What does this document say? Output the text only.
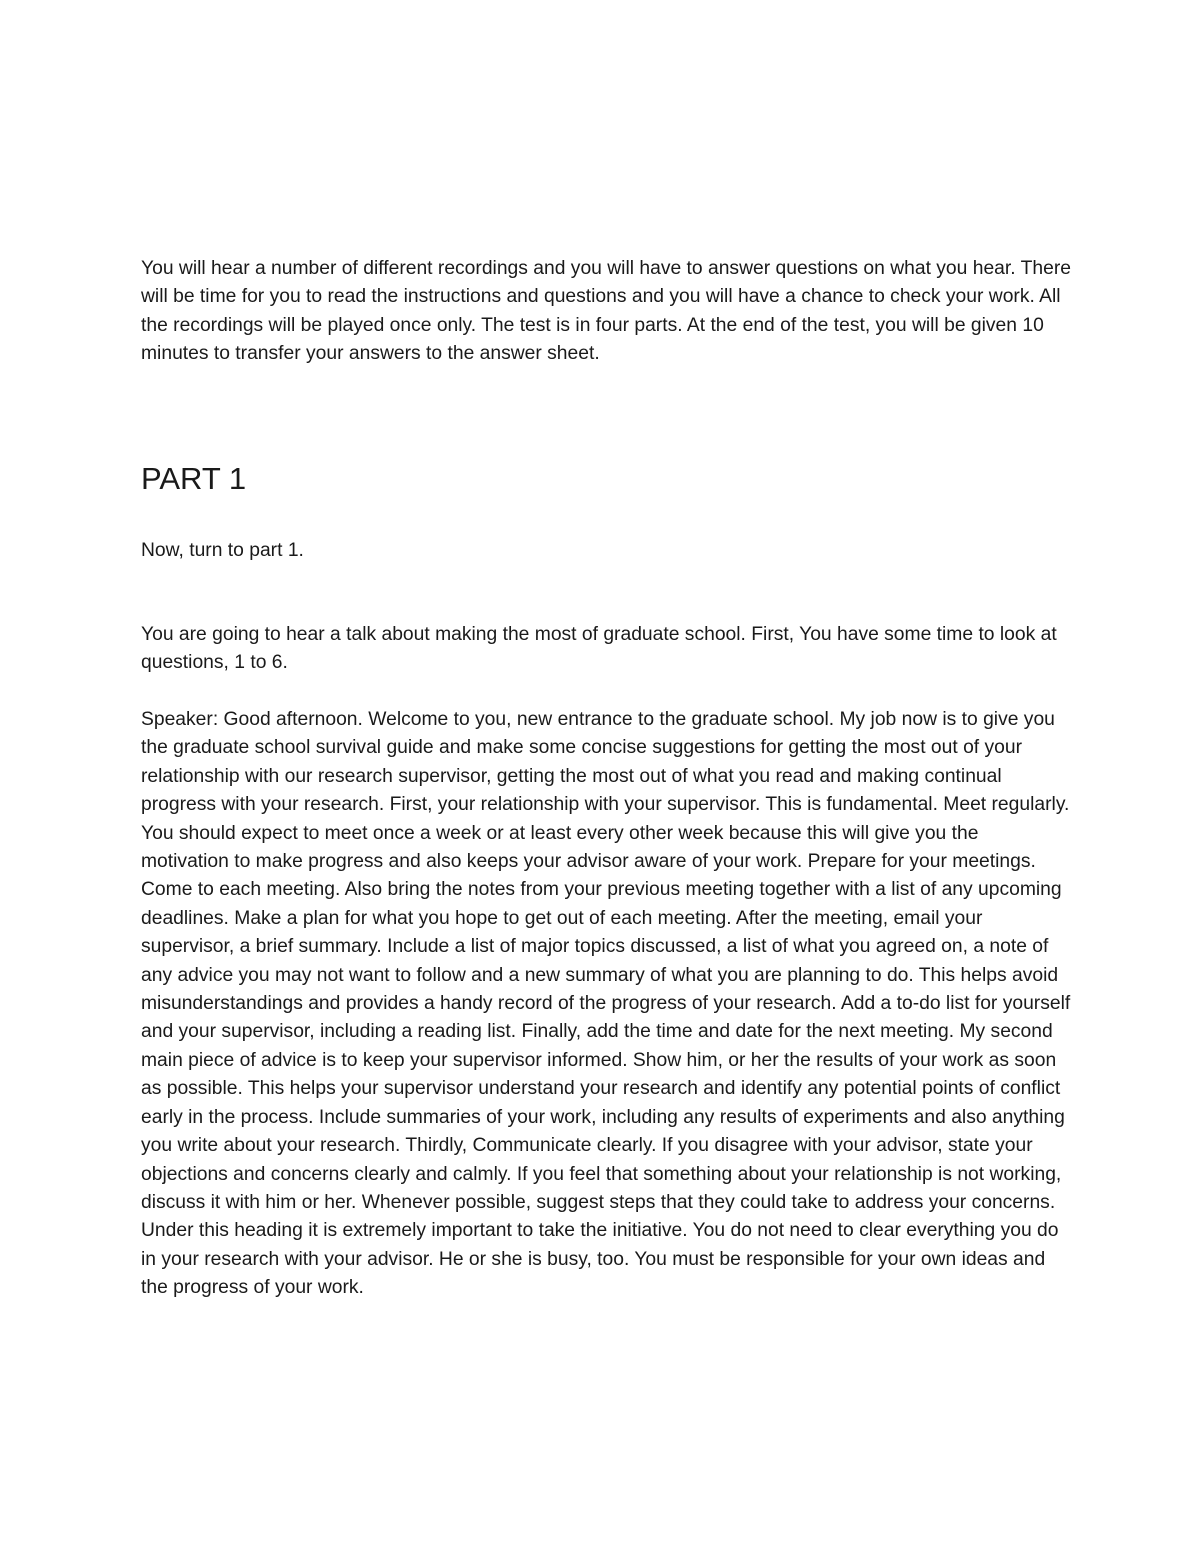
You will hear a number of different recordings and you will have to answer questions on what you hear. There will be time for you to read the instructions and questions and you will have a chance to check your work. All the recordings will be played once only. The test is in four parts. At the end of the test, you will be given 10 minutes to transfer your answers to the answer sheet.

PART 1

Now, turn to part 1.

You are going to hear a talk about making the most of graduate school. First, You have some time to look at questions, 1 to 6.

Speaker: Good afternoon. Welcome to you, new entrance to the graduate school. My job now is to give you the graduate school survival guide and make some concise suggestions for getting the most out of your relationship with our research supervisor, getting the most out of what you read and making continual progress with your research. First, your relationship with your supervisor. This is fundamental. Meet regularly. You should expect to meet once a week or at least every other week because this will give you the motivation to make progress and also keeps your advisor aware of your work. Prepare for your meetings. Come to each meeting. Also bring the notes from your previous meeting together with a list of any upcoming deadlines. Make a plan for what you hope to get out of each meeting. After the meeting, email your supervisor, a brief summary. Include a list of major topics discussed, a list of what you agreed on, a note of any advice you may not want to follow and a new summary of what you are planning to do. This helps avoid misunderstandings and provides a handy record of the progress of your research. Add a to-do list for yourself and your supervisor, including a reading list. Finally, add the time and date for the next meeting. My second main piece of advice is to keep your supervisor informed. Show him, or her the results of your work as soon as possible. This helps your supervisor understand your research and identify any potential points of conflict early in the process. Include summaries of your work, including any results of experiments and also anything you write about your research. Thirdly, Communicate clearly. If you disagree with your advisor, state your objections and concerns clearly and calmly. If you feel that something about your relationship is not working, discuss it with him or her. Whenever possible, suggest steps that they could take to address your concerns. Under this heading it is extremely important to take the initiative. You do not need to clear everything you do in your research with your advisor. He or she is busy, too. You must be responsible for your own ideas and the progress of your work.
